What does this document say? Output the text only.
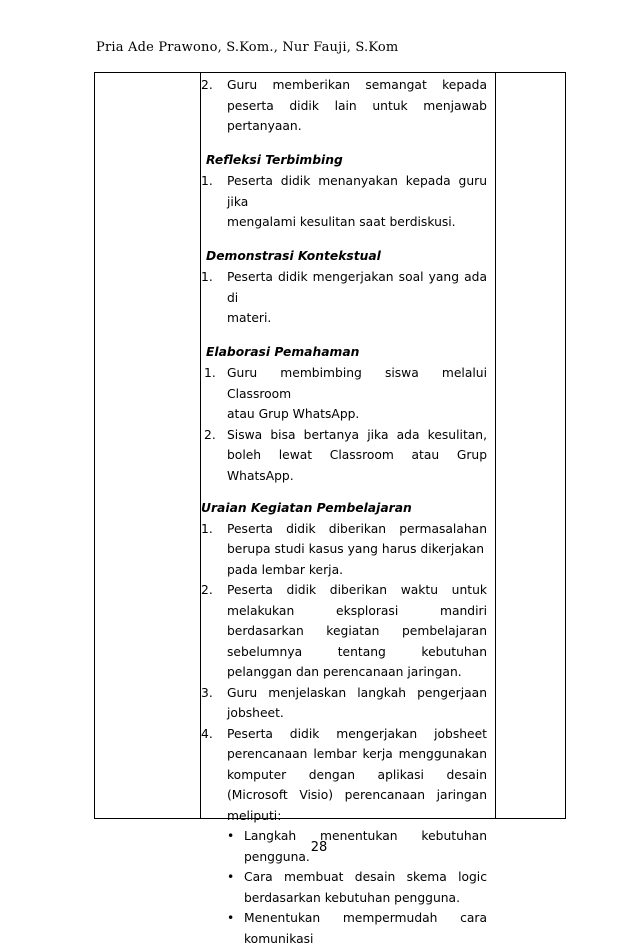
Pria Ade Prawono, S.Kom., Nur Fauji, S.Kom
2.	Guru memberikan semangat kepada
peserta didik lain untuk menjawab
pertanyaan.
Refleksi Terbimbing
1.	Peserta didik menanyakan kepada guru jika
mengalami kesulitan saat berdiskusi.
Demonstrasi Kontekstual
1.	Peserta didik mengerjakan soal yang ada di
materi.
Elaborasi Pemahaman
1. Guru membimbing siswa melalui Classroom
atau Grup WhatsApp.
2. Siswa bisa bertanya jika ada kesulitan,
boleh lewat Classroom atau Grup
WhatsApp.
Uraian Kegiatan Pembelajaran
1.	Peserta didik diberikan permasalahan
berupa studi kasus yang harus dikerjakan
pada lembar kerja.
2.	Peserta didik diberikan waktu untuk
melakukan eksplorasi mandiri
berdasarkan kegiatan pembelajaran
sebelumnya tentang kebutuhan
pelanggan dan perencanaan jaringan.
3.	Guru menjelaskan langkah pengerjaan
jobsheet.
4.	Peserta didik mengerjakan jobsheet
perencanaan lembar kerja menggunakan
komputer dengan aplikasi desain
(Microsoft Visio) perencanaan jaringan
meliputi:
• Langkah menentukan kebutuhan
pengguna.
• Cara membuat desain skema logic
berdasarkan kebutuhan pengguna.
• Menentukan mempermudah cara
komunikasi
28
